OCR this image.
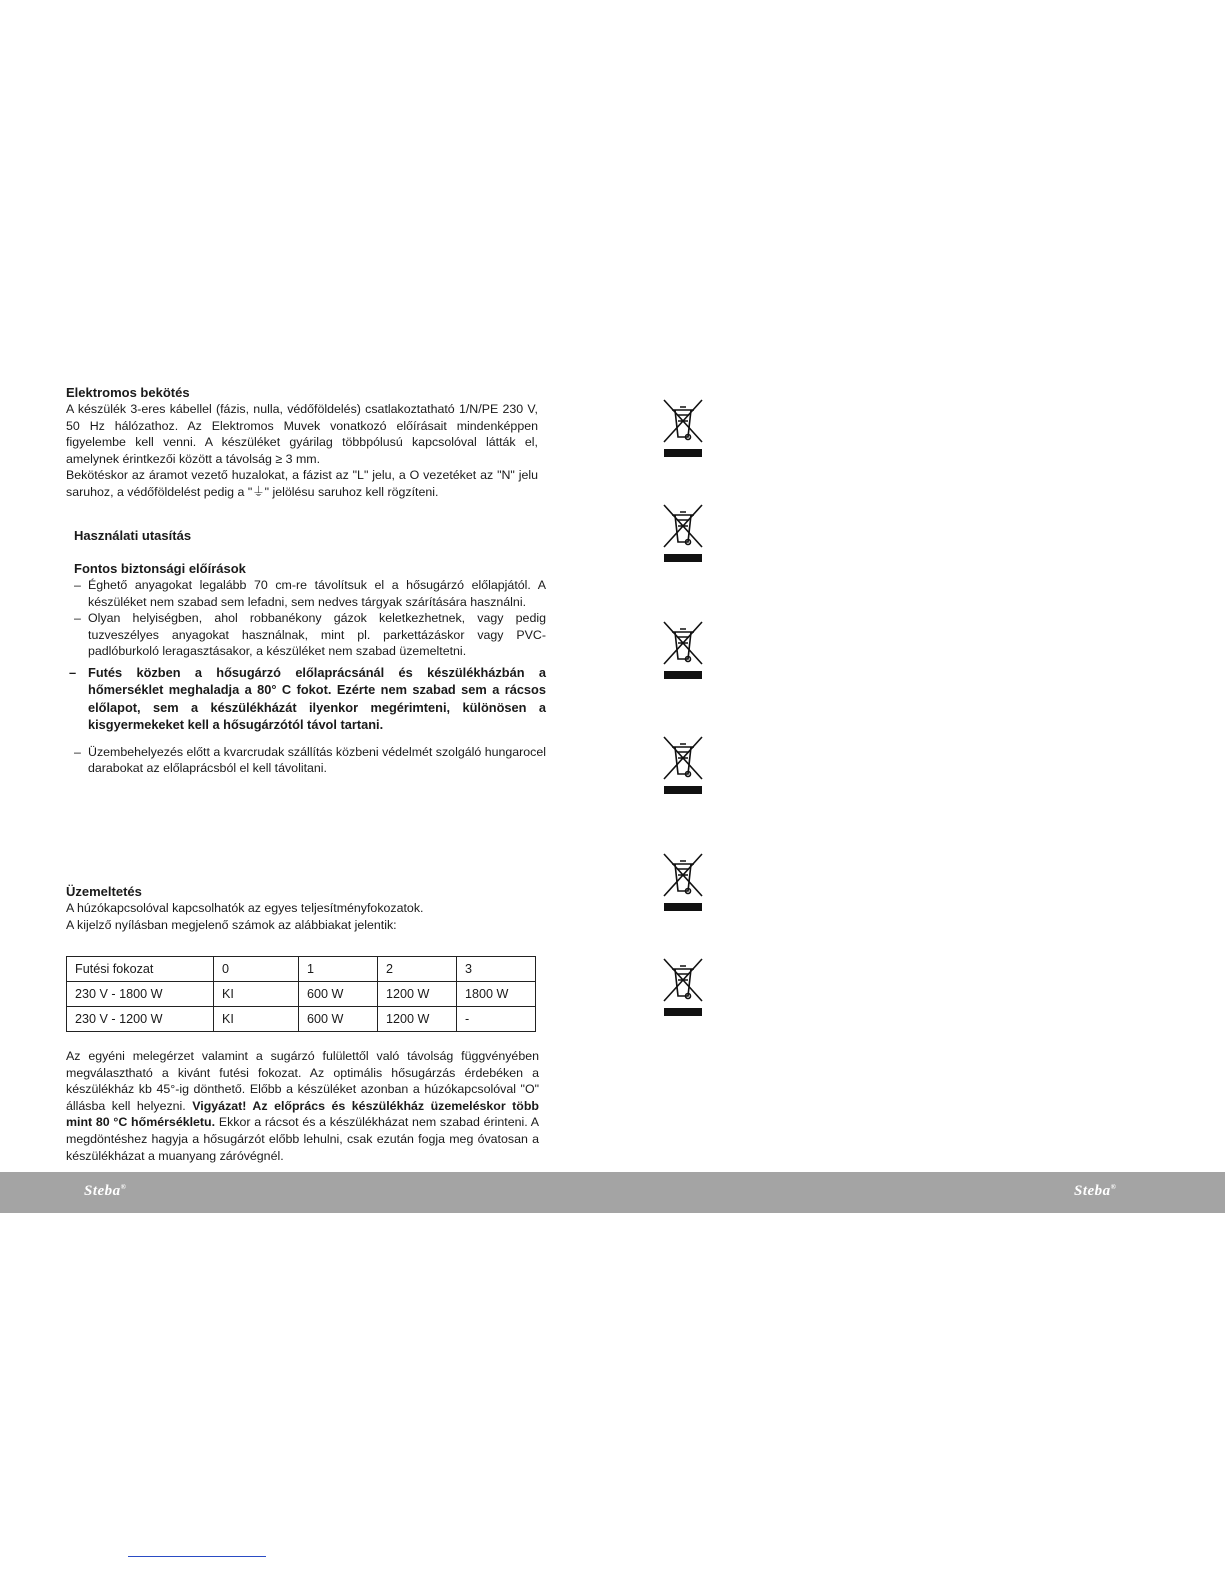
Elektromos bekötés

A készülék 3-eres kábellel (fázis, nulla, védőföldelés) csatlakoztatható 1/N/PE 230 V, 50 Hz hálózathoz. Az Elektromos Muvek vonatkozó előírásait mindenképpen figyelembe kell venni. A készüléket gyárilag többpólusú kapcsolóval látták el, amelynek érintkezői között a távolság ≥ 3 mm.

Bekötéskor az áramot vezető huzalokat, a fázist az "L" jelu, a O vezetéket az "N" jelu saruhoz, a védőföldelést pedig a "⏚" jelölésu saruhoz kell rögzíteni.

Használati utasítás

Fontos biztonsági előírások

– Éghető anyagokat legalább 70 cm-re távolítsuk el a hősugárzó előlapjától. A készüléket nem szabad sem lefadni, sem nedves tárgyak szárítására használni.

– Olyan helyiségben, ahol robbanékony gázok keletkezhetnek, vagy pedig tuzveszélyes anyagokat használnak, mint pl. parkettázáskor vagy PVC-padlóburkoló leragasztásakor, a készüléket nem szabad üzemeltetni.

– Futés közben a hősugárzó előlaprácsánál és készülékházbán a hőmerséklet meghaladja a 80° C fokot. Ezérte nem szabad sem a rácsos előlapot, sem a készülékházát ilyenkor megérimteni, különösen a kisgyermekeket kell a hősugárzótól távol tartani.

– Üzembehelyezés előtt a kvarcrudak szállítás közbeni védelmét szolgáló hungarocel darabokat az előlaprácsból el kell távolitani.

Üzemeltetés

A húzókapcsolóval kapcsolhatók az egyes teljesítményfokozatok.

A kijelző nyílásban megjelenő számok az alábbiakat jelentik:

Futési fokozat	0	1	2	3
230 V - 1800 W	KI	600 W	1200 W	1800 W
230 V - 1200 W	KI	600 W	1200 W	-

Az egyéni melegérzet valamint a sugárzó fulülettől való távolság függvényében megválasztható a kivánt futési fokozat. Az optimális hősugárzás érdebéken a készülékház kb 45°-ig dönthető. Előbb a készüléket azonban a húzókapcsolóval "O" állásba kell helyezni. Vigyázat! Az előprács és készülékház üzemeléskor több mint 80 °C hőmérsékletu. Ekkor a rácsot és a készülékházat nem szabad érinteni. A megdöntéshez hagyja a hősugárzót előbb lehulni, csak ezután fogja meg óvatosan a készülékházat a muanyang záróvégnél.

Steba ®	Steba ®
